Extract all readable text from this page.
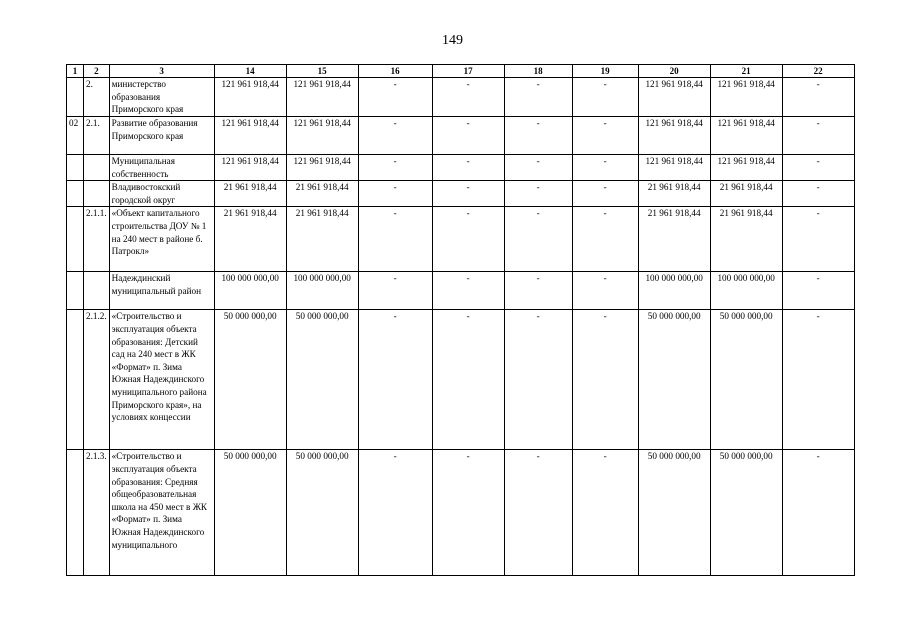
149
1	2	3	14	15	16	17	18	19	20	21	22
	2.	министерство образования Приморского края	121 961 918,44	121 961 918,44	-	-	-	-	121 961 918,44	121 961 918,44	-
02	2.1.	Развитие образования Приморского края	121 961 918,44	121 961 918,44	-	-	-	-	121 961 918,44	121 961 918,44	-
		Муниципальная собственность	121 961 918,44	121 961 918,44	-	-	-	-	121 961 918,44	121 961 918,44	-
		Владивостокский городской округ	21 961 918,44	21 961 918,44	-	-	-	-	21 961 918,44	21 961 918,44	-
	2.1.1.	«Объект капитального строительства ДОУ № 1 на 240 мест в районе б. Патрокл»	21 961 918,44	21 961 918,44	-	-	-	-	21 961 918,44	21 961 918,44	-
		Надеждинский муниципальный район	100 000 000,00	100 000 000,00	-	-	-	-	100 000 000,00	100 000 000,00	-
	2.1.2.	«Строительство и эксплуатация объекта образования: Детский сад на 240 мест в ЖК «Формат» п. Зима Южная Надеждинского муниципального района Приморского края», на условиях концессии	50 000 000,00	50 000 000,00	-	-	-	-	50 000 000,00	50 000 000,00	-
	2.1.3.	«Строительство и эксплуатация объекта образования: Средняя общеобразовательная школа на 450 мест в ЖК «Формат» п. Зима Южная Надеждинского муниципального	50 000 000,00	50 000 000,00	-	-	-	-	50 000 000,00	50 000 000,00	-
